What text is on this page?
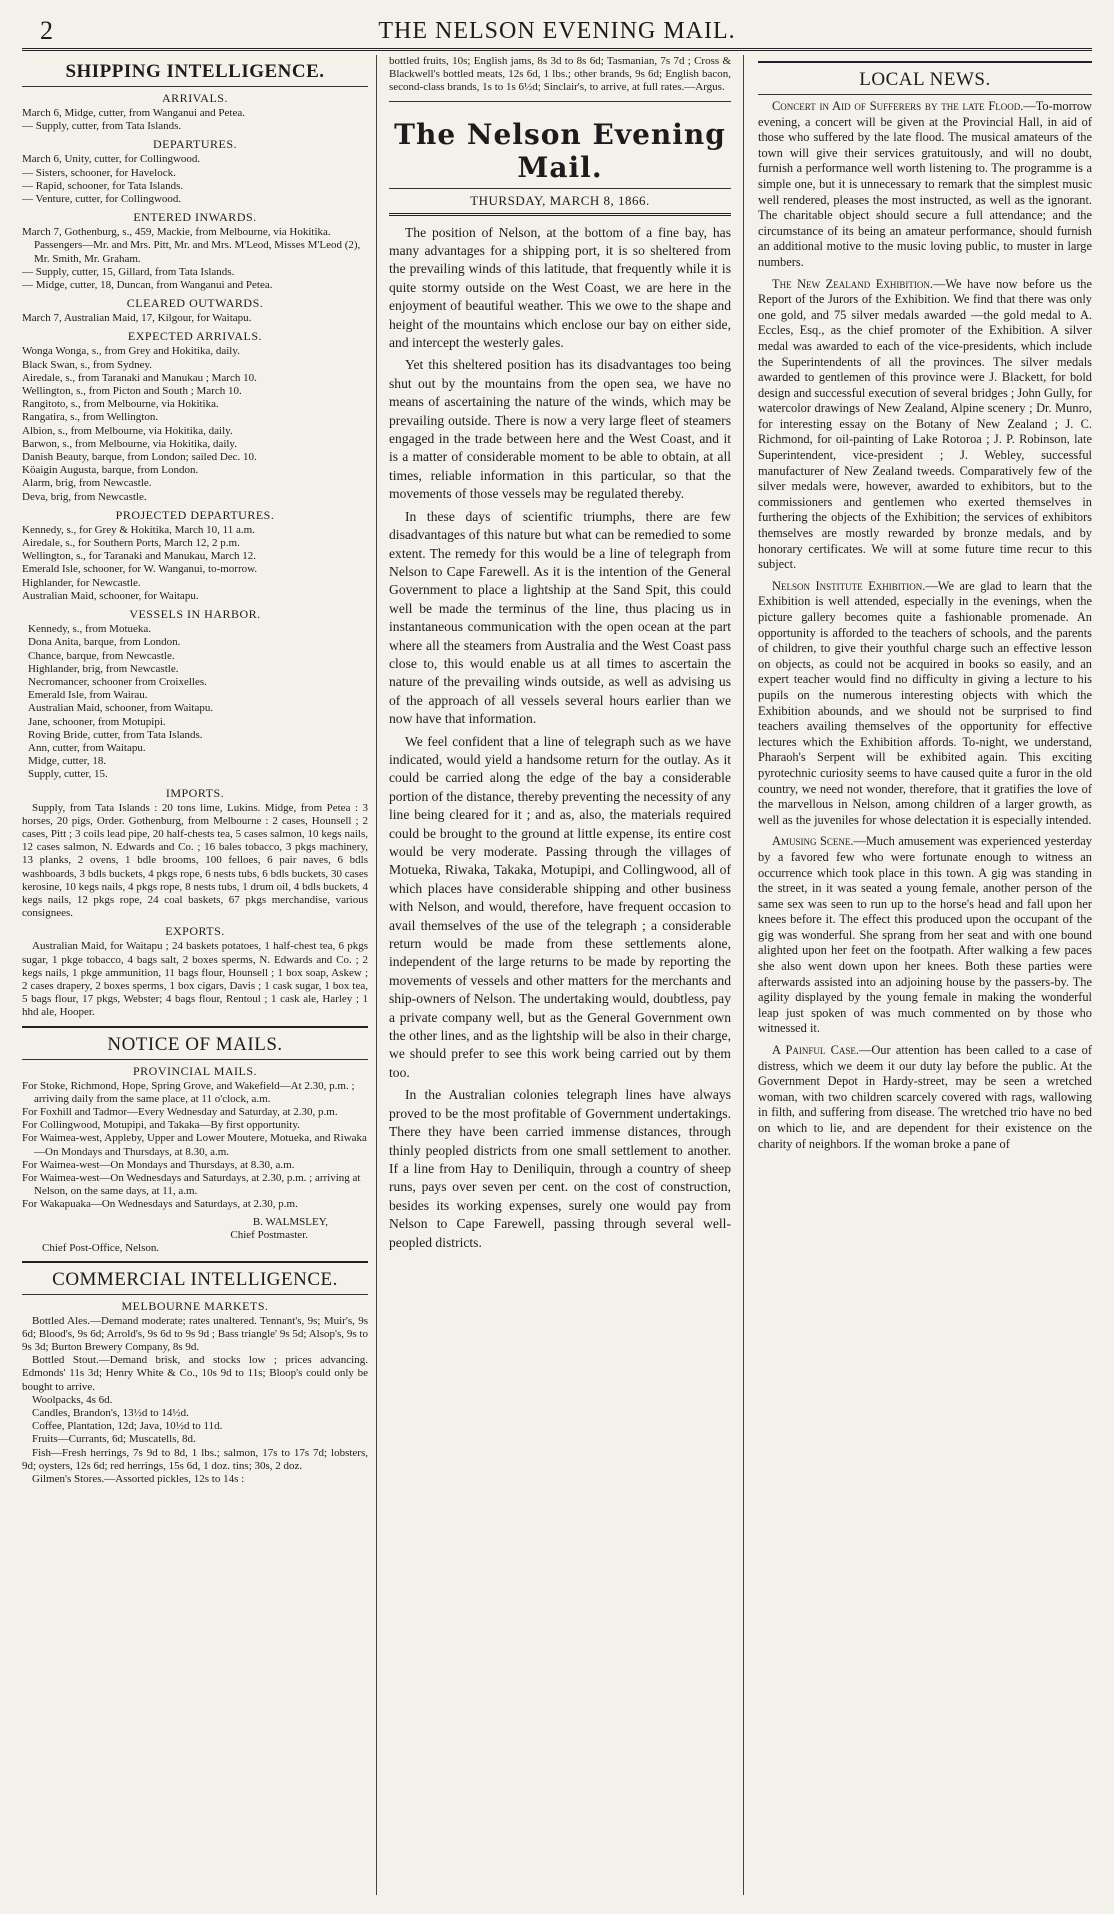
2	THE NELSON EVENING MAIL.
SHIPPING INTELLIGENCE.
ARRIVALS.
March 6, Midge, cutter, from Wanganui and Petea.
— Supply, cutter, from Tata Islands.
DEPARTURES.
March 6, Unity, cutter, for Collingwood.
— Sisters, schooner, for Havelock.
— Rapid, schooner, for Tata Islands.
— Venture, cutter, for Collingwood.
ENTERED INWARDS.
March 7, Gothenburg, s., 459, Mackie, from Melbourne, via Hokitika. Passengers—Mr. and Mrs. Pitt, Mr. and Mrs. M'Leod, Misses M'Leod (2), Mr. Smith, Mr. Graham.
— Supply, cutter, 15, Gillard, from Tata Islands.
— Midge, cutter, 18, Duncan, from Wanganui and Petea.
CLEARED OUTWARDS.
March 7, Australian Maid, 17, Kilgour, for Waitapu.
EXPECTED ARRIVALS.
Wonga Wonga, s., from Grey and Hokitika, daily.
Black Swan, s., from Sydney.
Airedale, s., from Taranaki and Manukau ; March 10.
Wellington, s., from Picton and South ; March 10.
Rangitoto, s., from Melbourne, via Hokitika.
Rangatira, s., from Wellington.
Albion, s., from Melbourne, via Hokitika, daily.
Barwon, s., from Melbourne, via Hokitika, daily.
Danish Beauty, barque, from London; sailed Dec. 10.
Köaigin Augusta, barque, from London.
Alarm, brig, from Newcastle.
Deva, brig, from Newcastle.
PROJECTED DEPARTURES.
Kennedy, s., for Grey & Hokitika, March 10, 11 a.m.
Airedale, s., for Southern Ports, March 12, 2 p.m.
Wellington, s., for Taranaki and Manukau, March 12.
Emerald Isle, schooner, for W. Wanganui, to-morrow.
Highlander, for Newcastle.
Australian Maid, schooner, for Waitapu.
VESSELS IN HARBOR.
Kennedy, s., from Motueka.
Dona Anita, barque, from London.
Chance, barque, from Newcastle.
Highlander, brig, from Newcastle.
Necromancer, schooner from Croixelles.
Emerald Isle, from Wairau.
Australian Maid, schooner, from Waitapu.
Jane, schooner, from Motupipi.
Roving Bride, cutter, from Tata Islands.
Ann, cutter, from Waitapu.
Midge, cutter, 18.
Supply, cutter, 15.
IMPORTS.
Supply, from Tata Islands : 20 tons lime, Lukins. Midge, from Petea : 3 horses, 20 pigs, Order. Gothenburg, from Melbourne : 2 cases, Hounsell ; 2 cases, Pitt ; 3 coils lead pipe, 20 half-chests tea, 5 cases salmon, 10 kegs nails, 12 cases salmon, N. Edwards and Co. ; 16 bales tobacco, 3 pkgs machinery, 13 planks, 2 ovens, 1 bdle brooms, 100 felloes, 6 pair naves, 6 bdls washboards, 3 bdls buckets, 4 pkgs rope, 6 nests tubs, 6 bdls buckets, 30 cases kerosine, 10 kegs nails, 4 pkgs rope, 8 nests tubs, 1 drum oil, 4 bdls buckets, 4 kegs nails, 12 pkgs rope, 24 coal baskets, 67 pkgs merchandise, various consignees.
EXPORTS.
Australian Maid, for Waitapu ; 24 baskets potatoes, 1 half-chest tea, 6 pkgs sugar, 1 pkge tobacco, 4 bags salt, 2 boxes sperms, N. Edwards and Co. ; 2 kegs nails, 1 pkge ammunition, 11 bags flour, Hounsell ; 1 box soap, Askew ; 2 cases drapery, 2 boxes sperms, 1 box cigars, Davis ; 1 cask sugar, 1 box tea, 5 bags flour, 17 pkgs, Webster; 4 bags flour, Rentoul ; 1 cask ale, Harley ; 1 hhd ale, Hooper.
NOTICE OF MAILS.
PROVINCIAL MAILS.
For Stoke, Richmond, Hope, Spring Grove, and Wakefield—At 2.30, p.m. ; arriving daily from the same place, at 11 o'clock, a.m.
For Foxhill and Tadmor—Every Wednesday and Saturday, at 2.30, p.m.
For Collingwood, Motupipi, and Takaka—By first opportunity.
For Waimea-west, Appleby, Upper and Lower Moutere, Motueka, and Riwaka—On Mondays and Thursdays, at 8.30, a.m.
For Waimea-west—On Mondays and Thursdays, at 8.30, a.m.
For Waimea-west—On Wednesdays and Saturdays, at 2.30, p.m. ; arriving at Nelson, on the same days, at 11, a.m.
For Wakapuaka—On Wednesdays and Saturdays, at 2.30, p.m.
B. WALMSLEY,
Chief Postmaster.
Chief Post-Office, Nelson.
COMMERCIAL INTELLIGENCE.
MELBOURNE MARKETS.
Bottled Ales.—Demand moderate; rates unaltered. Tennant's, 9s; Muir's, 9s 6d; Blood's, 9s 6d; Arrold's, 9s 6d to 9s 9d ; Bass triangle' 9s 5d; Alsop's, 9s to 9s 3d; Burton Brewery Company, 8s 9d.
Bottled Stout.—Demand brisk, and stocks low ; prices advancing. Edmonds' 11s 3d; Henry White & Co., 10s 9d to 11s; Bloop's could only be bought to arrive.
Woolpacks, 4s 6d.
Candles, Brandon's, 13½d to 14½d.
Coffee, Plantation, 12d; Java, 10½d to 11d.
Fruits—Currants, 6d; Muscatells, 8d.
Fish—Fresh herrings, 7s 9d to 8d, 1 lbs.; salmon, 17s to 17s 7d; lobsters, 9d; oysters, 12s 6d; red herrings, 15s 6d, 1 doz. tins; 30s, 2 doz.
Gilmen's Stores.—Assorted pickles, 12s to 14s :
bottled fruits, 10s; English jams, 8s 3d to 8s 6d; Tasmanian, 7s 7d ; Cross & Blackwell's bottled meats, 12s 6d, 1 lbs.; other brands, 9s 6d; English bacon, second-class brands, 1s to 1s 6½d; Sinclair's, to arrive, at full rates.—Argus.
The Nelson Evening Mail.
THURSDAY, MARCH 8, 1866.

The position of Nelson, at the bottom of a fine bay, has many advantages for a shipping port, it is so sheltered from the prevailing winds of this latitude, that frequently while it is quite stormy outside on the West Coast, we are here in the enjoyment of beautiful weather. This we owe to the shape and height of the mountains which enclose our bay on either side, and intercept the westerly gales.

Yet this sheltered position has its disadvantages too being shut out by the mountains from the open sea, we have no means of ascertaining the nature of the winds, which may be prevailing outside. There is now a very large fleet of steamers engaged in the trade between here and the West Coast, and it is a matter of considerable moment to be able to obtain, at all times, reliable information in this particular, so that the movements of those vessels may be regulated thereby.

In these days of scientific triumphs, there are few disadvantages of this nature but what can be remedied to some extent. The remedy for this would be a line of telegraph from Nelson to Cape Farewell. As it is the intention of the General Government to place a lightship at the Sand Spit, this could well be made the terminus of the line, thus placing us in instantaneous communication with the open ocean at the part where all the steamers from Australia and the West Coast pass close to, this would enable us at all times to ascertain the nature of the prevailing winds outside, as well as advising us of the approach of all vessels several hours earlier than we now have that information.

We feel confident that a line of telegraph such as we have indicated, would yield a handsome return for the outlay. As it could be carried along the edge of the bay a considerable portion of the distance, thereby preventing the necessity of any line being cleared for it ; and as, also, the materials required could be brought to the ground at little expense, its entire cost would be very moderate. Passing through the villages of Motueka, Riwaka, Takaka, Motupipi, and Collingwood, all of which places have considerable shipping and other business with Nelson, and would, therefore, have frequent occasion to avail themselves of the use of the telegraph ; a considerable return would be made from these settlements alone, independent of the large returns to be made by reporting the movements of vessels and other matters for the merchants and ship-owners of Nelson. The undertaking would, doubtless, pay a private company well, but as the General Government own the other lines, and as the lightship will be also in their charge, we should prefer to see this work being carried out by them too.

In the Australian colonies telegraph lines have always proved to be the most profitable of Government undertakings. There they have been carried immense distances, through thinly peopled districts from one small settlement to another. If a line from Hay to Deniliquin, through a country of sheep runs, pays over seven per cent. on the cost of construction, besides its working expenses, surely one would pay from Nelson to Cape Farewell, passing through several well-peopled districts.

LOCAL NEWS.

Concert in Aid of Sufferers by the late Flood.—To-morrow evening, a concert will be given at the Provincial Hall, in aid of those who suffered by the late flood. The musical amateurs of the town will give their services gratuitously, and will no doubt, furnish a performance well worth listening to. The programme is a simple one, but it is unnecessary to remark that the simplest music well rendered, pleases the most instructed, as well as the ignorant. The charitable object should secure a full attendance; and the circumstance of its being an amateur performance, should furnish an additional motive to the music loving public, to muster in large numbers.

The New Zealand Exhibition.—We have now before us the Report of the Jurors of the Exhibition. We find that there was only one gold, and 75 silver medals awarded —the gold medal to A. Eccles, Esq., as the chief promoter of the Exhibition. A silver medal was awarded to each of the vice-presidents, which include the Superintendents of all the provinces. The silver medals awarded to gentlemen of this province were J. Blackett, for bold design and successful execution of several bridges ; John Gully, for watercolor drawings of New Zealand, Alpine scenery ; Dr. Munro, for interesting essay on the Botany of New Zealand ; J. C. Richmond, for oil-painting of Lake Rotoroa ; J. P. Robinson, late Superintendent, vice-president ; J. Webley, successful manufacturer of New Zealand tweeds. Comparatively few of the silver medals were, however, awarded to exhibitors, but to the commissioners and gentlemen who exerted themselves in furthering the objects of the Exhibition; the services of exhibitors themselves are mostly rewarded by bronze medals, and by honorary certificates. We will at some future time recur to this subject.

Nelson Institute Exhibition.—We are glad to learn that the Exhibition is well attended, especially in the evenings, when the picture gallery becomes quite a fashionable promenade. An opportunity is afforded to the teachers of schools, and the parents of children, to give their youthful charge such an effective lesson on objects, as could not be acquired in books so easily, and an expert teacher would find no difficulty in giving a lecture to his pupils on the numerous interesting objects with which the Exhibition abounds, and we should not be surprised to find teachers availing themselves of the opportunity for effective lectures which the Exhibition affords. To-night, we understand, Pharaoh's Serpent will be exhibited again. This exciting pyrotechnic curiosity seems to have caused quite a furor in the old country, we need not wonder, therefore, that it gratifies the love of the marvellous in Nelson, among children of a larger growth, as well as the juveniles for whose delectation it is especially intended.

Amusing Scene.—Much amusement was experienced yesterday by a favored few who were fortunate enough to witness an occurrence which took place in this town. A gig was standing in the street, in it was seated a young female, another person of the same sex was seen to run up to the horse's head and fall upon her knees before it. The effect this produced upon the occupant of the gig was wonderful. She sprang from her seat and with one bound alighted upon her feet on the footpath. After walking a few paces she also went down upon her knees. Both these parties were afterwards assisted into an adjoining house by the passers-by. The agility displayed by the young female in making the wonderful leap just spoken of was much commented on by those who witnessed it.

A Painful Case.—Our attention has been called to a case of distress, which we deem it our duty lay before the public. At the Government Depot in Hardy-street, may be seen a wretched woman, with two children scarcely covered with rags, wallowing in filth, and suffering from disease. The wretched trio have no bed on which to lie, and are dependent for their existence on the charity of neighbors. If the woman broke a pane of
